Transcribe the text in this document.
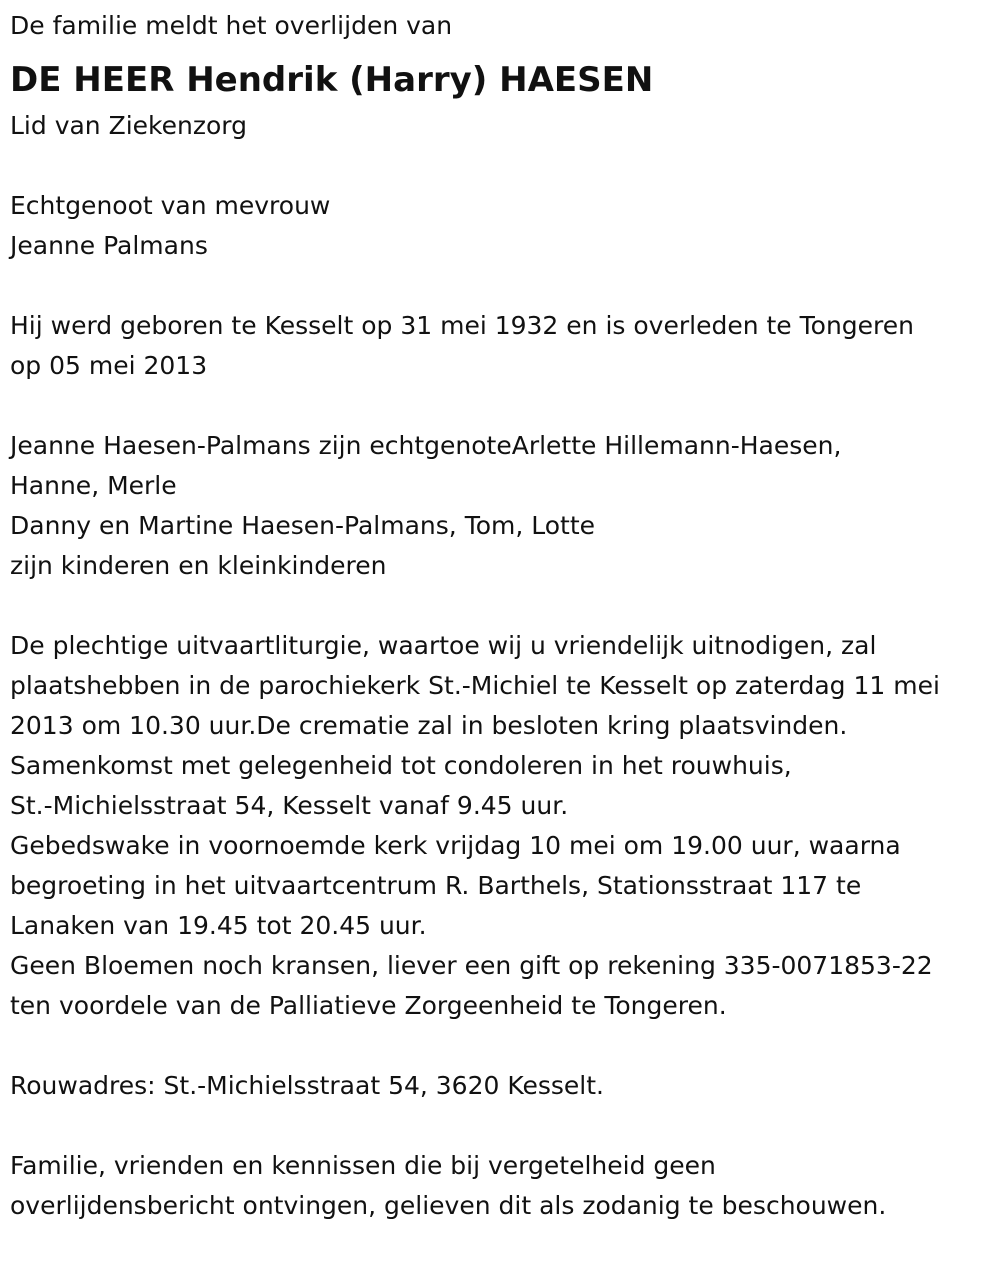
De familie meldt het overlijden van
DE HEER Hendrik (Harry) HAESEN
Lid van Ziekenzorg
Echtgenoot van mevrouw
Jeanne Palmans
Hij werd geboren te Kesselt op 31 mei 1932 en is overleden te Tongeren
op 05 mei 2013
Jeanne Haesen-Palmans zijn echtgenoteArlette Hillemann-Haesen,
Hanne, Merle
Danny en Martine Haesen-Palmans, Tom, Lotte
zijn kinderen en kleinkinderen
De plechtige uitvaartliturgie, waartoe wij u vriendelijk uitnodigen, zal
plaatshebben in de parochiekerk St.-Michiel te Kesselt op zaterdag 11 mei
2013 om 10.30 uur.De crematie zal in besloten kring plaatsvinden.
Samenkomst met gelegenheid tot condoleren in het rouwhuis,
St.-Michielsstraat 54, Kesselt vanaf 9.45 uur.
Gebedswake in voornoemde kerk vrijdag 10 mei om 19.00 uur, waarna
begroeting in het uitvaartcentrum R. Barthels, Stationsstraat 117 te
Lanaken van 19.45 tot 20.45 uur.
Geen Bloemen noch kransen, liever een gift op rekening 335-0071853-22
ten voordele van de Palliatieve Zorgeenheid te Tongeren.
Rouwadres: St.-Michielsstraat 54, 3620 Kesselt.
Familie, vrienden en kennissen die bij vergetelheid geen
overlijdensbericht ontvingen, gelieven dit als zodanig te beschouwen.
